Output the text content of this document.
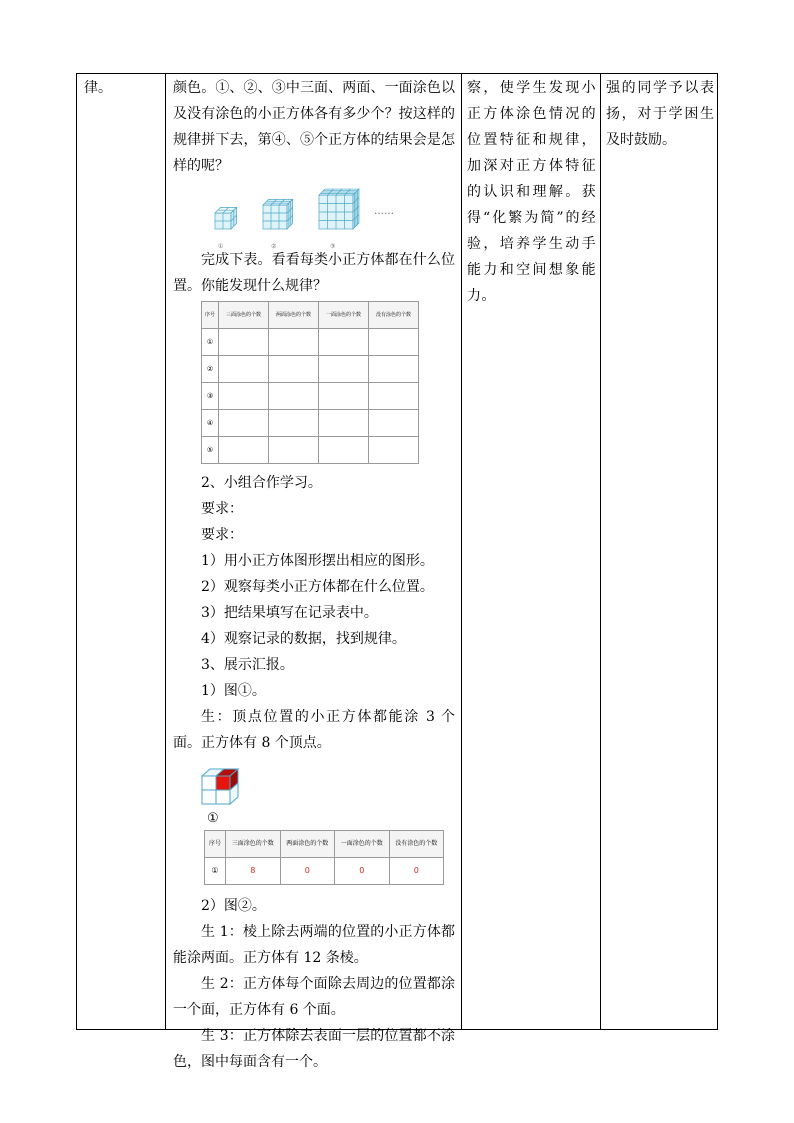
律。	颜色。①、②、③中三面、两面、一面涂色以及没有涂色的小正方体各有多少个？按这样的规律拼下去，第④、⑤个正方体的结果会是怎样的呢？

①	②	③
……

完成下表。看看每类小正方体都在什么位置。你能发现什么规律？

序号	三面涂色的个数	两面涂色的个数	一面涂色的个数	没有涂色的个数
①				
②				
③				
④				
⑤				

2、小组合作学习。

要求：

要求：

1）用小正方体图形摆出相应的图形。

2）观察每类小正方体都在什么位置。

3）把结果填写在记录表中。

4）观察记录的数据，找到规律。

3、展示汇报。

1）图①。

生：顶点位置的小正方体都能涂 3 个面。正方体有 8 个顶点。

①
序号	三面涂色的个数	两面涂色的个数	一面涂色的个数	没有涂色的个数
①	8	0	0	0

2）图②。

生 1：棱上除去两端的位置的小正方体都能涂两面。正方体有 12 条棱。

生 2：正方体每个面除去周边的位置都涂一个面，正方体有 6 个面。

生 3：正方体除去表面一层的位置都不涂色，图中每面含有一个。

察，使学生发现小正方体涂色情况的位置特征和规律，加深对正方体特征的认识和理解。获得“化繁为简”的经验，培养学生动手能力和空间想象能力。

强的同学予以表扬，对于学困生及时鼓励。
